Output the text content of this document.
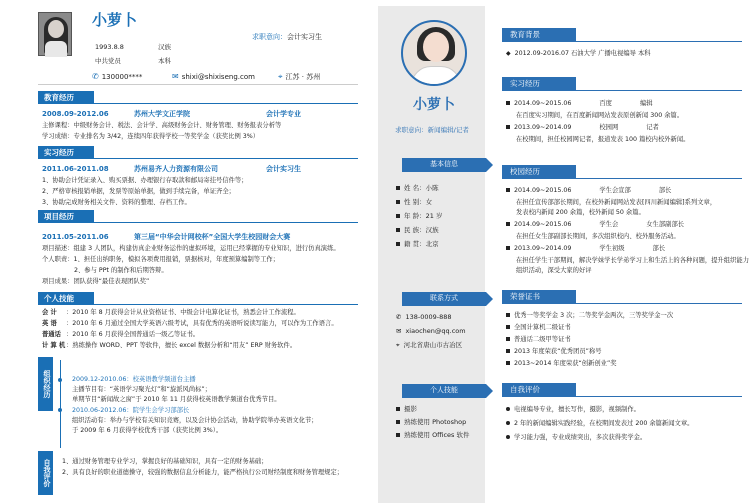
小萝卜
求职意向：会计实习生
1993.8.8	汉族
中共党员	本科
✆ 130000****	✉ shixi@shixiseng.com	⌖ 江苏 · 苏州
教育经历
2008.09-2012.06	苏州大学文正学院	会计学专业
主修课程：中级财务会计、税法、会计学、高级财务会计、财务管理、财务报表分析等
学习成绩：专业排名为 3/42，连续四年获得学校一等奖学金（获奖比例 3%）
实习经历
2011.06-2011.08	苏州易齐人力资源有限公司	会计实习生
1、协助会计凭证录入、购买票据、办理银行存取款和邮局寄挂号信件等；
2、严格审核报销单据，发票等原始单据，做到手续完备，单证齐全；
3、协助完成财务相关文件、资料的整理、存档工作。
项目经历
2011.05-2011.06	第三届“中华会计网校杯”全国大学生校园财会大赛
项目描述：组建 3 人团队，构建仿真企业财务运作的虚拟环境，运用已经掌握的专业知识，进行仿真演练。
个人职责：1、担任出纳职务，模拟各项费用报销，票据核对，年度预算编制等工作；
2、参与 PPt 的制作和后期答辩。
项目成果：团队获得“最佳表现团队奖”
个人技能
会 计 ：2010 年 8 月获得会计从业资格证书、中级会计电算化证书，熟悉会计工作流程。
英 语 ：2010 年 6 月通过全国大学英语六级考试，具有优秀的英语听说读写能力，可以作为工作语言。
普通话 ：2010 年 6 月获得全国普通话一级乙等证书。
计 算 机 ：熟练操作 WORD、PPT 等软件，擅长 excel 数据分析和“用友” ERP 财务软件。
组织经历	2009.12-2010.06：校英语教学频道台主播
主播节目有：“英语学习聚光灯”和“旋派风尚标”；
单期节目“新闻故之窗”于 2010 年 11 月获得校英语教学频道台优秀节目。
2010.06-2012.06：院学生会学习部部长
组织活动有：举办与学校有关知识竞赛，以及会计协会活动，协助学院举办英语文化节；
于 2009 年 6 月获得学校优秀干部（获奖比例 3%）。
自我评价	1、通过财务管理专业学习，掌握良好的基础知识，具有一定的财务基础；
2、具有良好的职业道德操守，较强的数据信息分析能力，能严格执行公司财经制度和财务管理规定；
小萝卜
求职意向：新闻编辑/记者
基本信息
姓 名：小陈
性 别：女
年 龄：21 岁
民 族：汉族
籍 贯：北京
联系方式
✆ 138-0009-888
✉ xiaochen@qq.com
⌖ 河北省唐山市古冶区
个人技能
摄影
熟练使用 Photoshop
熟练使用 Offices 软件
教育背景
◆ 2012.09-2016.07 石油大学 广播电视编导 本科
实习经历
2014.09~2015.06	百度	编辑
在百度实习期间，在百度新闻网站发表原创新闻 300 余篇。
2013.09~2014.09	校园网	记者
在校期间，担任校园网记者，报道发表 100 篇校内校外新闻。
校园经历
2014.09~2015.06	学生会宣部	部长
在担任宣传部部长期间，在校外新闻网站发表[四川新闻编辑]系列文章，
发表校内新闻 200 余篇，校外新闻 50 余篇。
2014.09~2015.06	学生会	女生部副部长
在担任女生部副部长期间，多次组织校内、校外服务活动。
2013.09~2014.09	学生初级	部长
在担任学生干部期间，解决学妹学长学弟学习上和生活上的各种问题，提升组织能力
组织活动，深受大家的好评
荣誉证书
优秀一等奖学金 3 次；二等奖学金两次，三等奖学金一次
全国计算机二级证书
普通话二级甲等证书
2013 年度荣获“优秀团员”称号
2013~2014 年度荣获“创新创业”奖
自我评价
电视编导专业，擅长写作，摄影，视频制作。
2 年的新闻编辑实践经验，在校期间发表过 200 余篇新闻文章。
学习能力强，专业成绩突出，多次获得奖学金。
